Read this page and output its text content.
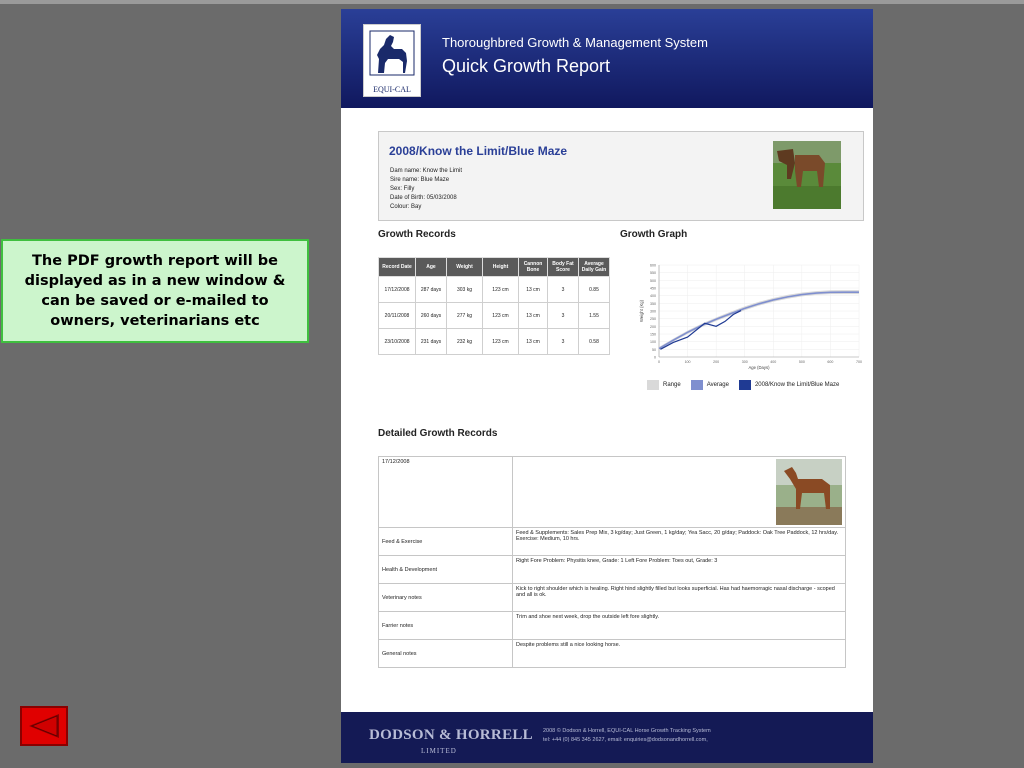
The PDF growth report will be displayed as in a new window & can be saved or e-mailed to owners, veterinarians etc
EQUI-CAL
Thoroughbred Growth & Management System
Quick Growth Report
2008/Know the Limit/Blue Maze
Dam name: Know the Limit
Sire name: Blue Maze
Sex: Filly
Date of Birth: 05/03/2008
Colour: Bay
Growth Records	Growth Graph
Record Date	Age	Weight	Height	Cannon Bone	Body Fat Score	Average Daily Gain
17/12/2008	287 days	303 kg	123 cm	13 cm	3	0.85
20/11/2008	260 days	277 kg	123 cm	13 cm	3	1.55
23/10/2008	231 days	232 kg	123 cm	13 cm	3	0.58
0
50
100
150
200
250
300
350
400
450
500
550
600
0	100	200	300	400	500	600	700
Age (Days)
Weight (Kg)
Range	Average	2008/Know the Limit/Blue Maze
Detailed Growth Records
17/12/2008	

Feed & Exercise	Feed & Supplements: Sales Prep Mix, 3 kg/day; Just Green, 1 kg/day; Yea Sacc, 20 g/day; Paddock: Oak Tree Paddock, 12 hrs/day. Exercise: Medium, 10 hrs.
Health & Development	Right Fore Problem: Physitis knee, Grade: 1 Left Fore Problem: Toes out, Grade: 3
Veterinary notes	Kick to right shoulder which is healing. Right hind slightly filled but looks superficial. Has had haemorragic nasal discharge - scoped and all is ok.
Farrier notes	Trim and shoe next week, drop the outside left fore slightly.
General notes	Despite problems still a nice looking horse.
DODSON & HORRELL
LIMITED
2008 © Dodson & Horrell, EQUI-CAL Horse Growth Tracking System
tel: +44 (0) 845 345 2627, email: enquiries@dodsonandhorrell.com,
